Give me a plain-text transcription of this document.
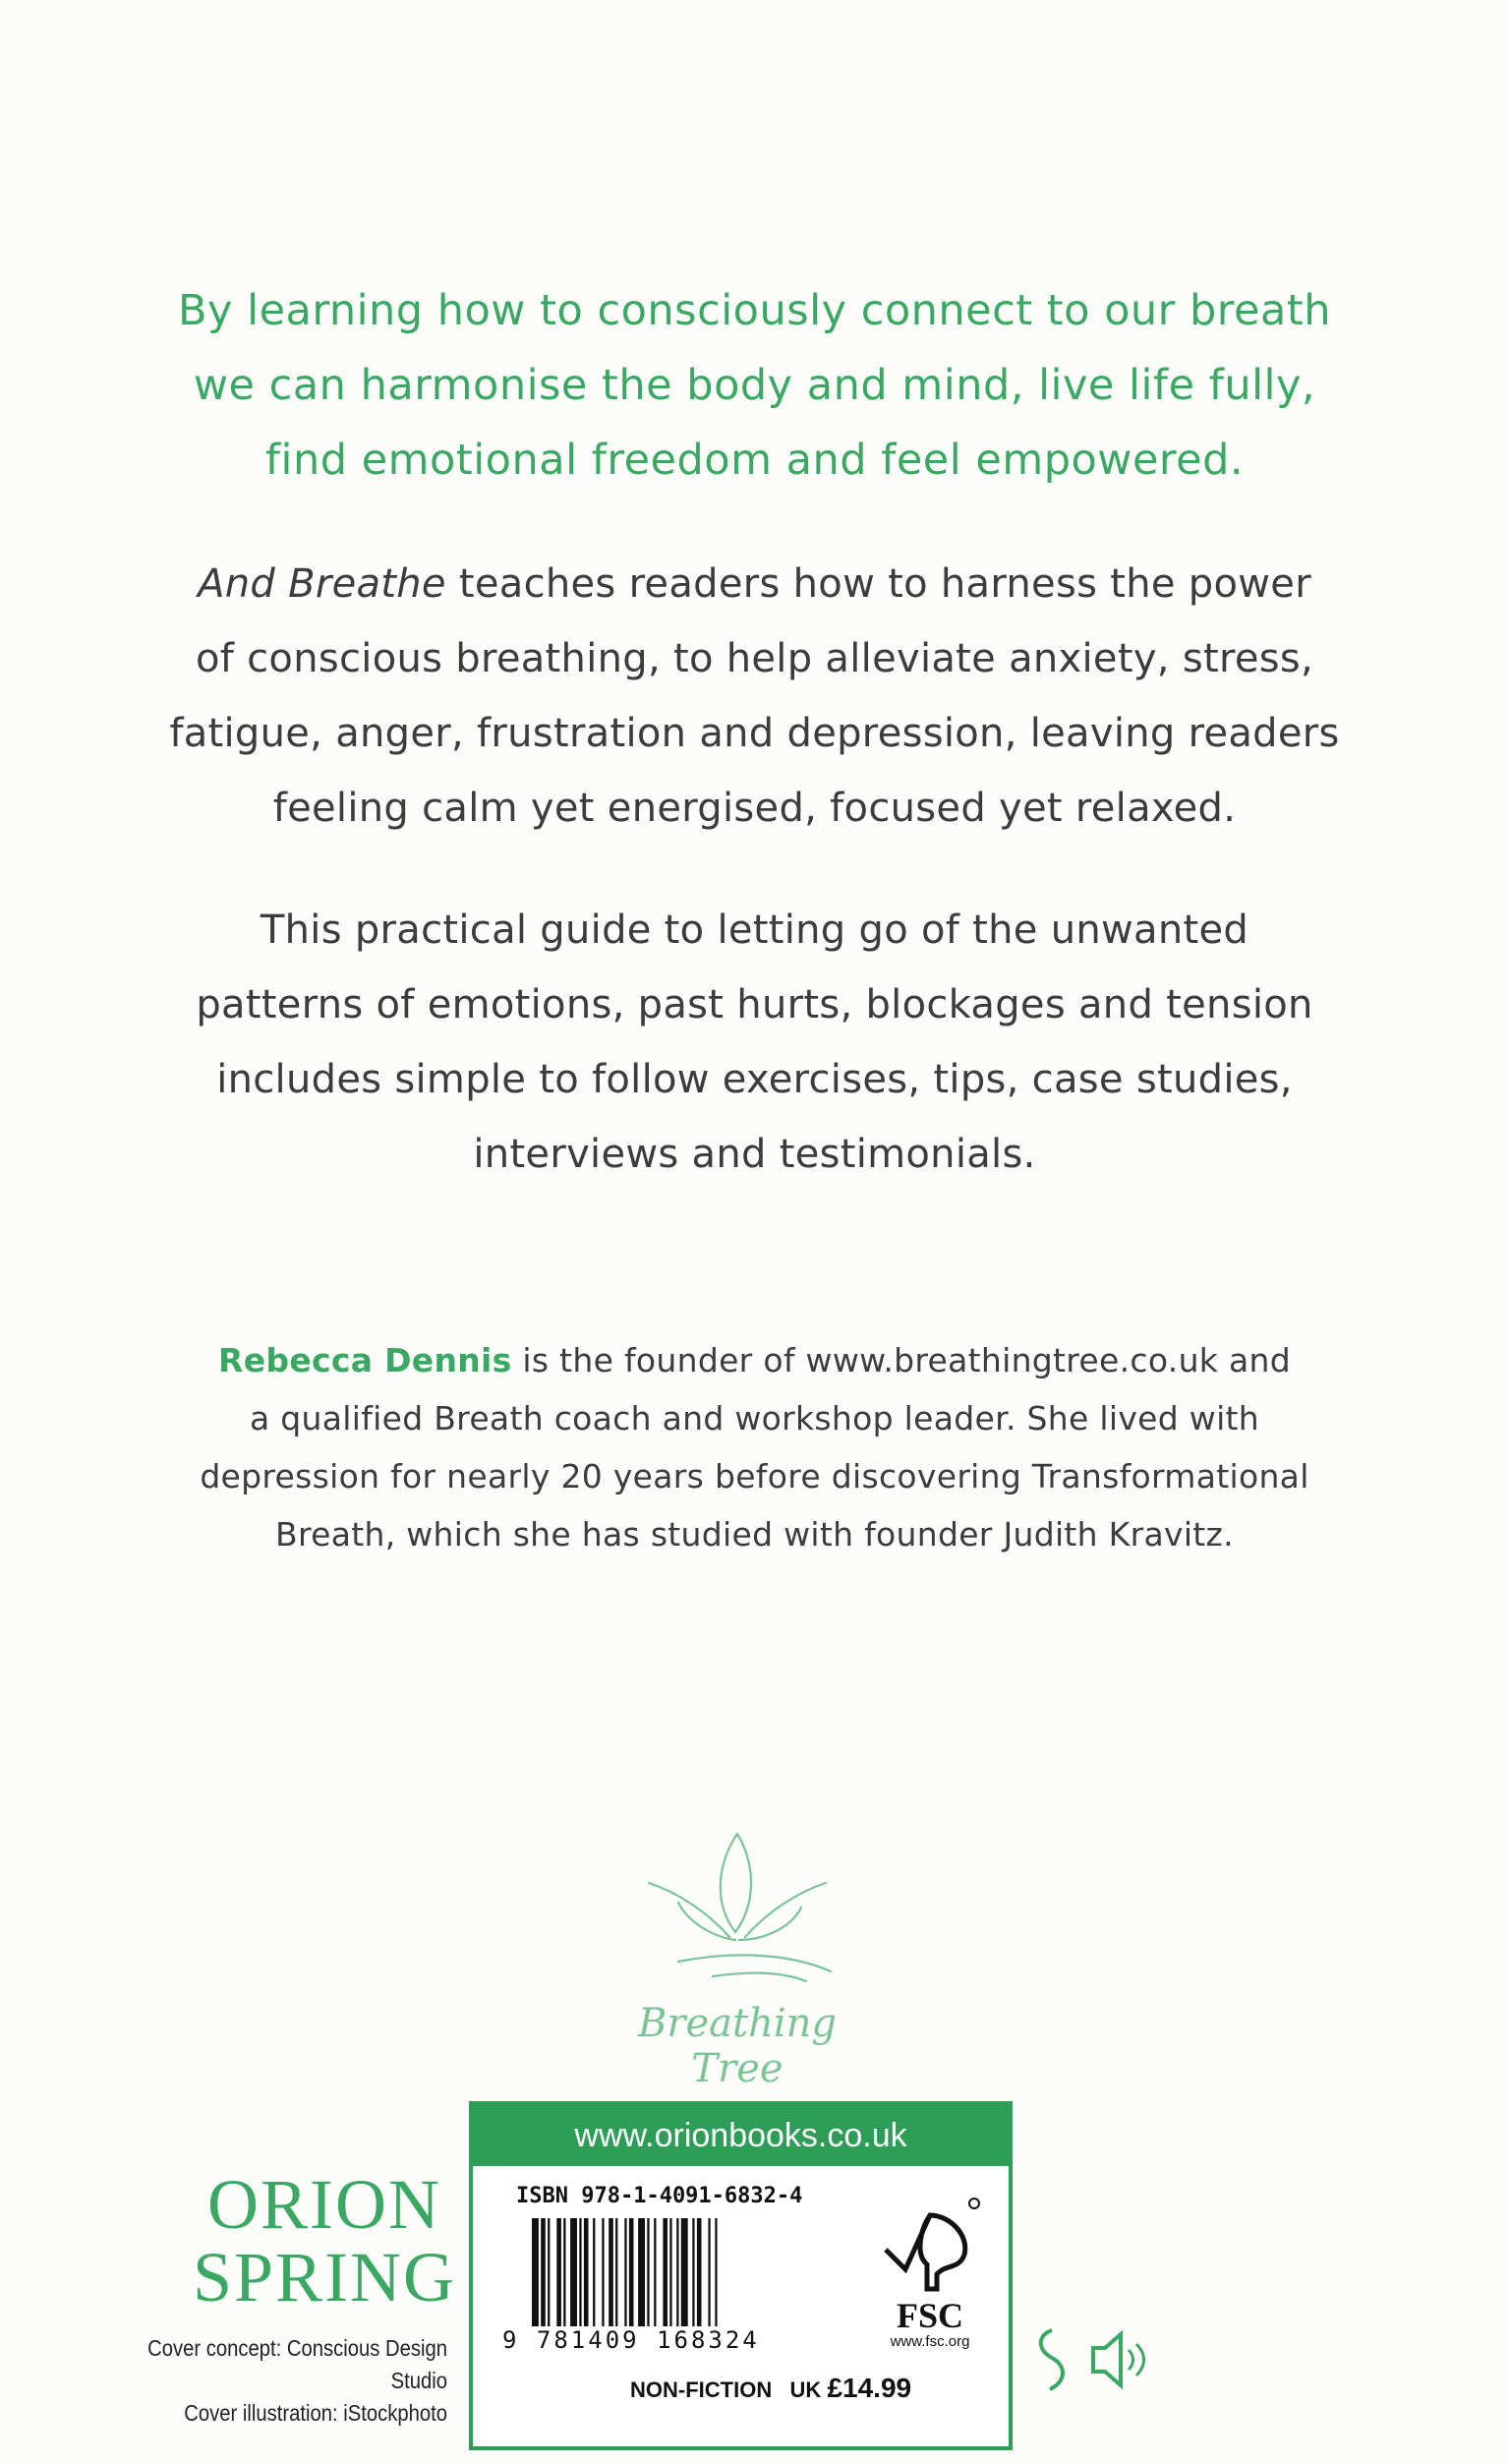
By learning how to consciously connect to our breath
we can harmonise the body and mind, live life fully,
find emotional freedom and feel empowered.
And Breathe teaches readers how to harness the power
of conscious breathing, to help alleviate anxiety, stress,
fatigue, anger, frustration and depression, leaving readers
feeling calm yet energised, focused yet relaxed.
This practical guide to letting go of the unwanted
patterns of emotions, past hurts, blockages and tension
includes simple to follow exercises, tips, case studies,
interviews and testimonials.
Rebecca Dennis is the founder of www.breathingtree.co.uk and
a qualified Breath coach and workshop leader. She lived with
depression for nearly 20 years before discovering Transformational
Breath, which she has studied with founder Judith Kravitz.
Breathing Tree
ORION
SPRING
Cover concept: Conscious Design Studio
Cover illustration: iStockphoto
www.orionbooks.co.uk
ISBN 978-1-4091-6832-4
9 781409 168324
NON-FICTION UK £14.99
FSC
www.fsc.org
